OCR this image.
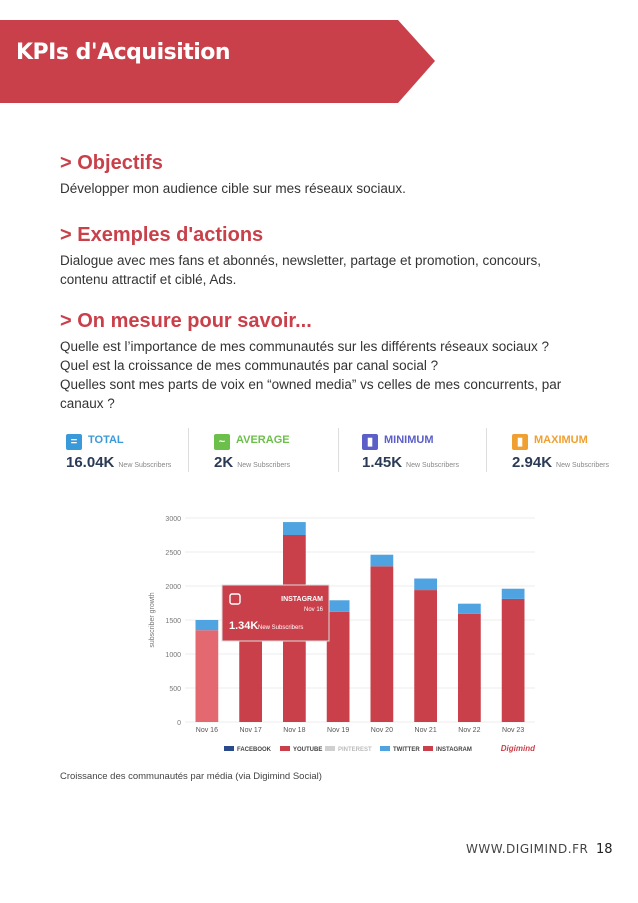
KPIs d'Acquisition
> Objectifs

Développer mon audience cible sur mes réseaux sociaux.

> Exemples d'actions

Dialogue avec mes fans et abonnés, newsletter, partage et promotion, concours,

contenu attractif et ciblé, Ads.

> On mesure pour savoir...

Quelle est l’importance de mes communautés sur les différents réseaux sociaux ?

Quel est la croissance de mes communautés par canal social ?

Quelles sont mes parts de voix en “owned media” vs celles de mes concurrents, par

canaux ?

= TOTAL
16.04K New Subscribers
~ AVERAGE
2K New Subscribers
▮ MINIMUM
1.45K New Subscribers
▮ MAXIMUM
2.94K New Subscribers
0
500
1000
1500
2000
2500
3000
subscriber growth
Nov 16	Nov 17	Nov 18	Nov 19	Nov 20	Nov 21	Nov 22	Nov 23
INSTAGRAM
Nov 16
1.34K New Subscribers
FACEBOOK	YOUTUBE	PINTEREST	TWITTER	INSTAGRAM	Digimind
Croissance des communautés par média (via Digimind Social)
WWW.DIGIMIND.FR 18
